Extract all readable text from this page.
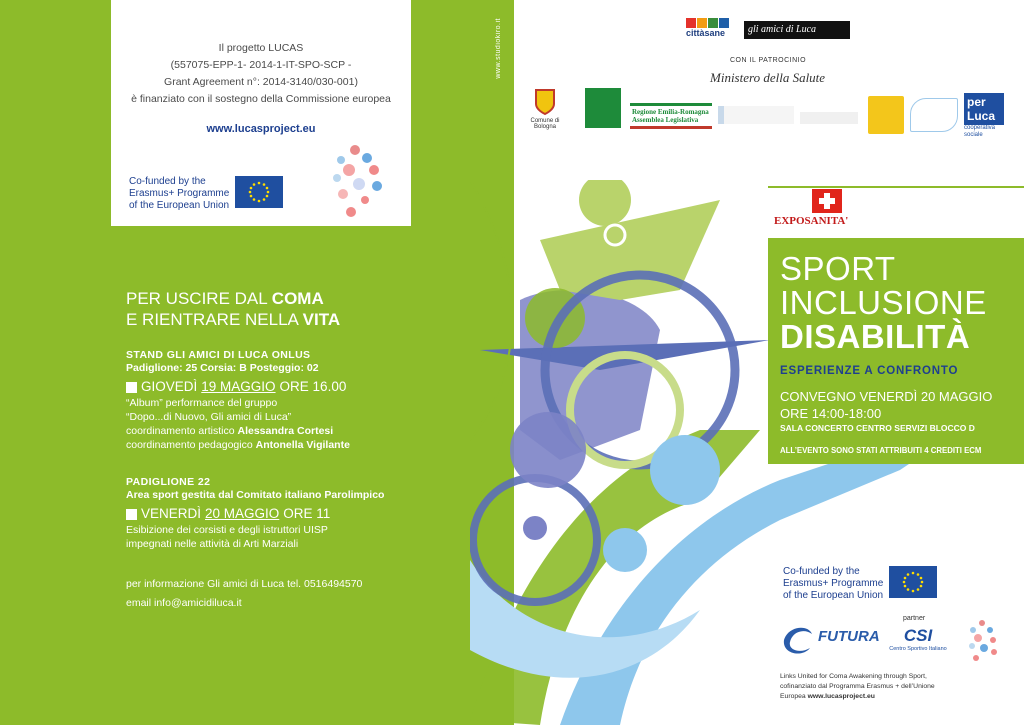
Il progetto LUCAS
(557075-EPP-1- 2014-1-IT-SPO-SCP -
Grant Agreement n°: 2014-3140/030-001)
è finanziato con il sostegno della Commissione europea
www.lucasproject.eu
Co-funded by the
Erasmus+ Programme
of the European Union
www.studiokiro.it
PER USCIRE DAL COMA
E RIENTRARE NELLA VITA
STAND GLI AMICI DI LUCA ONLUS
Padiglione: 25 Corsia: B Posteggio: 02
GIOVEDÌ 19 MAGGIO ORE 16.00
“Album” performance del gruppo
“Dopo...di Nuovo, Gli amici di Luca”
coordinamento artistico Alessandra Cortesi
coordinamento pedagogico Antonella Vigilante
PADIGLIONE 22
Area sport gestita dal Comitato italiano Parolimpico
VENERDÌ 20 MAGGIO ORE 11
Esibizione dei corsisti e degli istruttori UISP
impegnati nelle attività di Arti Marziali
per informazione Gli amici di Luca tel. 0516494570
email info@amicidiluca.it
cittàsane	gli amici di Luca
CON IL PATROCINIO
Ministero della Salute
Comune di Bologna
Regione Emilia-Romagna
Assemblea Legislativa
per Luca
cooperativa sociale
EXPOSANITA'
SPORT
INCLUSIONE
DISABILITÀ
ESPERIENZE A CONFRONTO
CONVEGNO VENERDÌ 20 MAGGIO
ORE 14:00-18:00
SALA CONCERTO CENTRO SERVIZI BLOCCO D
ALL’EVENTO SONO STATI ATTRIBUITI 4 CREDITI ECM
Co-funded by the
Erasmus+ Programme
of the European Union
FUTURA
partner
CSI
Centro Sportivo Italiano
Links United for Coma Awakening through Sport,
cofinanziato dal Programma Erasmus + dell’Unione
Europea www.lucasproject.eu
